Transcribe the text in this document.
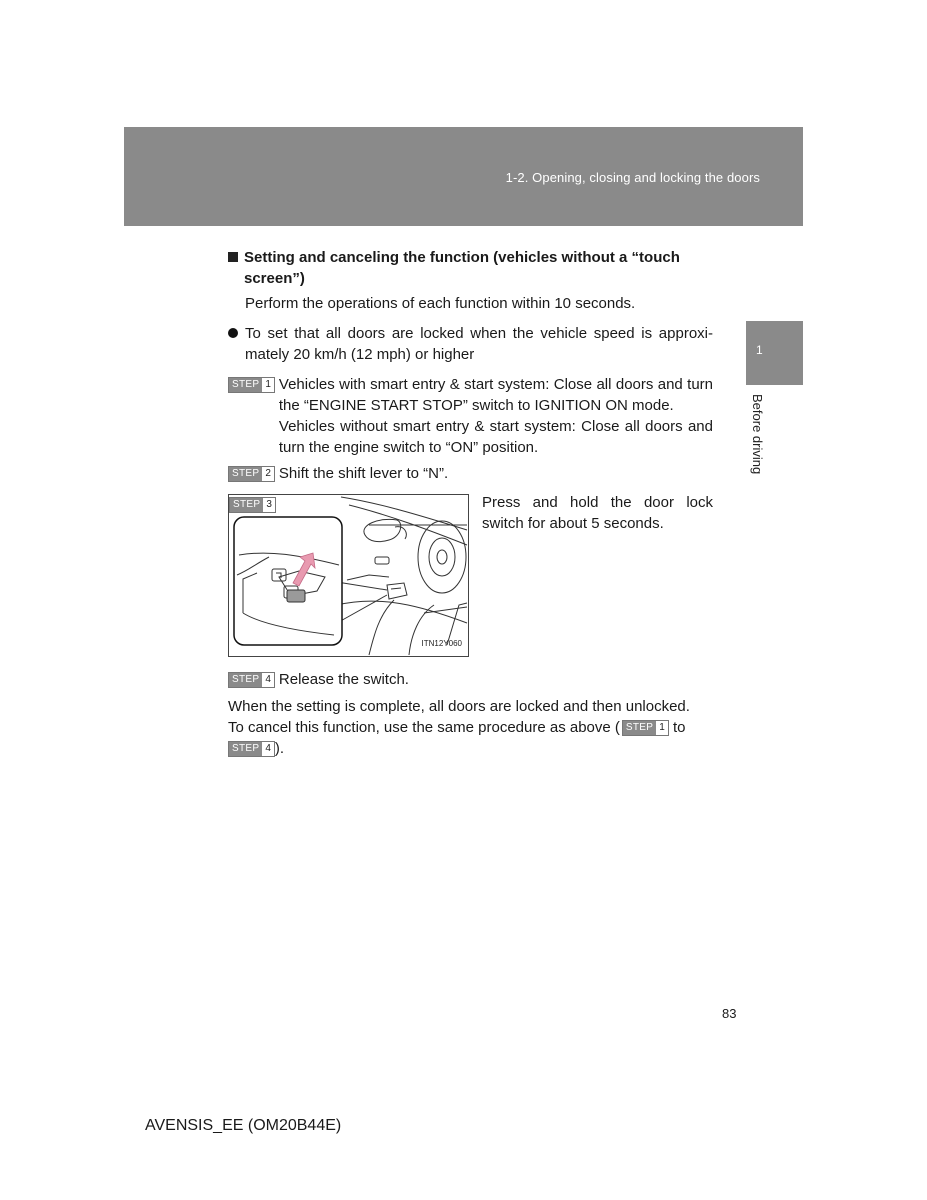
1-2. Opening, closing and locking the doors
1
Before driving
Setting and canceling the function (vehicles without a “touch screen”)
Perform the operations of each function within 10 seconds.
To set that all doors are locked when the vehicle speed is approxi- mately 20 km/h (12 mph) or higher
STEP 1 Vehicles with smart entry & start system: Close all doors and turn the “ENGINE START STOP” switch to IGNITION ON mode.
Vehicles without smart entry & start system: Close all doors and turn the engine switch to “ON” position.
STEP 2 Shift the shift lever to “N”.
STEP 3
ITN12Y060
Press and hold the door lock switch for about 5 seconds.
STEP 4 Release the switch.
When the setting is complete, all doors are locked and then unlocked.
To cancel this function, use the same procedure as above ( STEP 1 to

STEP 4 ).
83
AVENSIS_EE (OM20B44E)
